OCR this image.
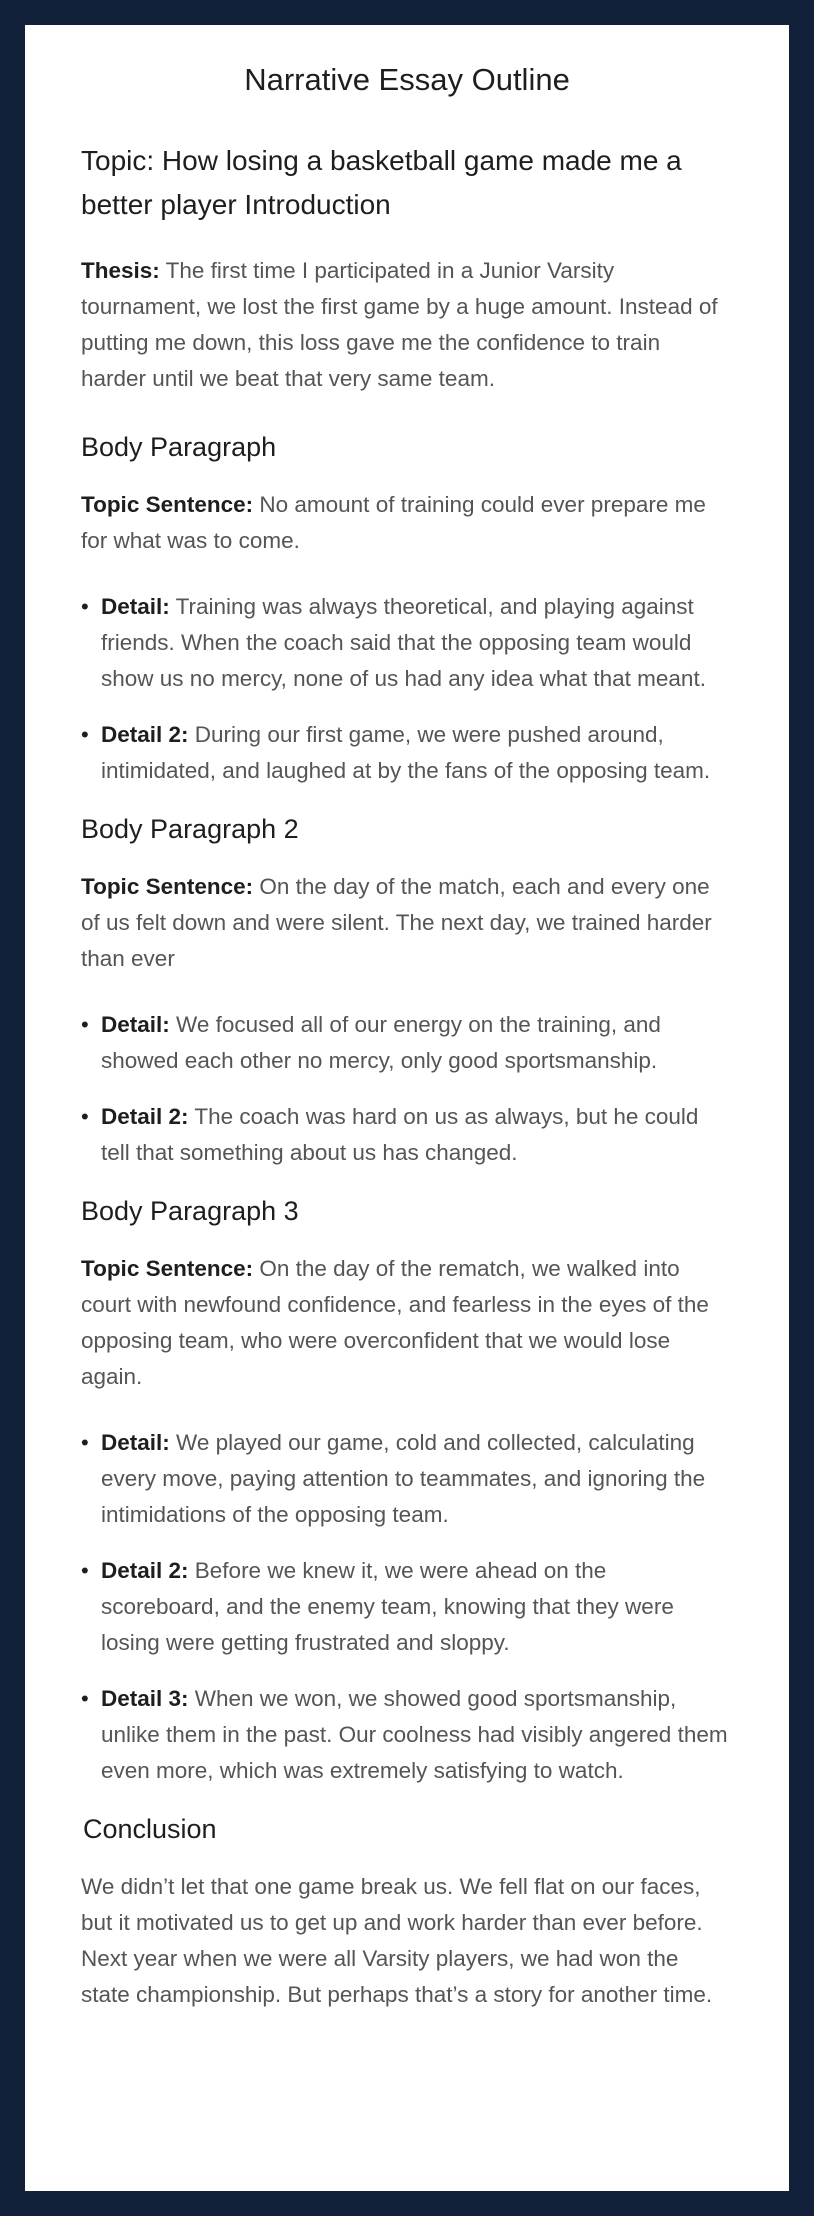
Narrative Essay Outline
Topic: How losing a basketball game made me a better player Introduction

Thesis: The first time I participated in a Junior Varsity tournament, we lost the first game by a huge amount. Instead of putting me down, this loss gave me the confidence to train harder until we beat that very same team.

Body Paragraph

Topic Sentence: No amount of training could ever prepare me for what was to come.

• Detail: Training was always theoretical, and playing against friends. When the coach said that the opposing team would show us no mercy, none of us had any idea what that meant.
• Detail 2: During our first game, we were pushed around, intimidated, and laughed at by the fans of the opposing team.
Body Paragraph 2

Topic Sentence: On the day of the match, each and every one of us felt down and were silent. The next day, we trained harder than ever

• Detail: We focused all of our energy on the training, and showed each other no mercy, only good sportsmanship.
• Detail 2: The coach was hard on us as always, but he could tell that something about us has changed.
Body Paragraph 3

Topic Sentence: On the day of the rematch, we walked into court with newfound confidence, and fearless in the eyes of the opposing team, who were overconfident that we would lose again.

• Detail: We played our game, cold and collected, calculating every move, paying attention to teammates, and ignoring the intimidations of the opposing team.
• Detail 2: Before we knew it, we were ahead on the scoreboard, and the enemy team, knowing that they were losing were getting frustrated and sloppy.
• Detail 3: When we won, we showed good sportsmanship, unlike them in the past. Our coolness had visibly angered them even more, which was extremely satisfying to watch.
Conclusion

We didn’t let that one game break us. We fell flat on our faces, but it motivated us to get up and work harder than ever before. Next year when we were all Varsity players, we had won the state championship. But perhaps that’s a story for another time.
